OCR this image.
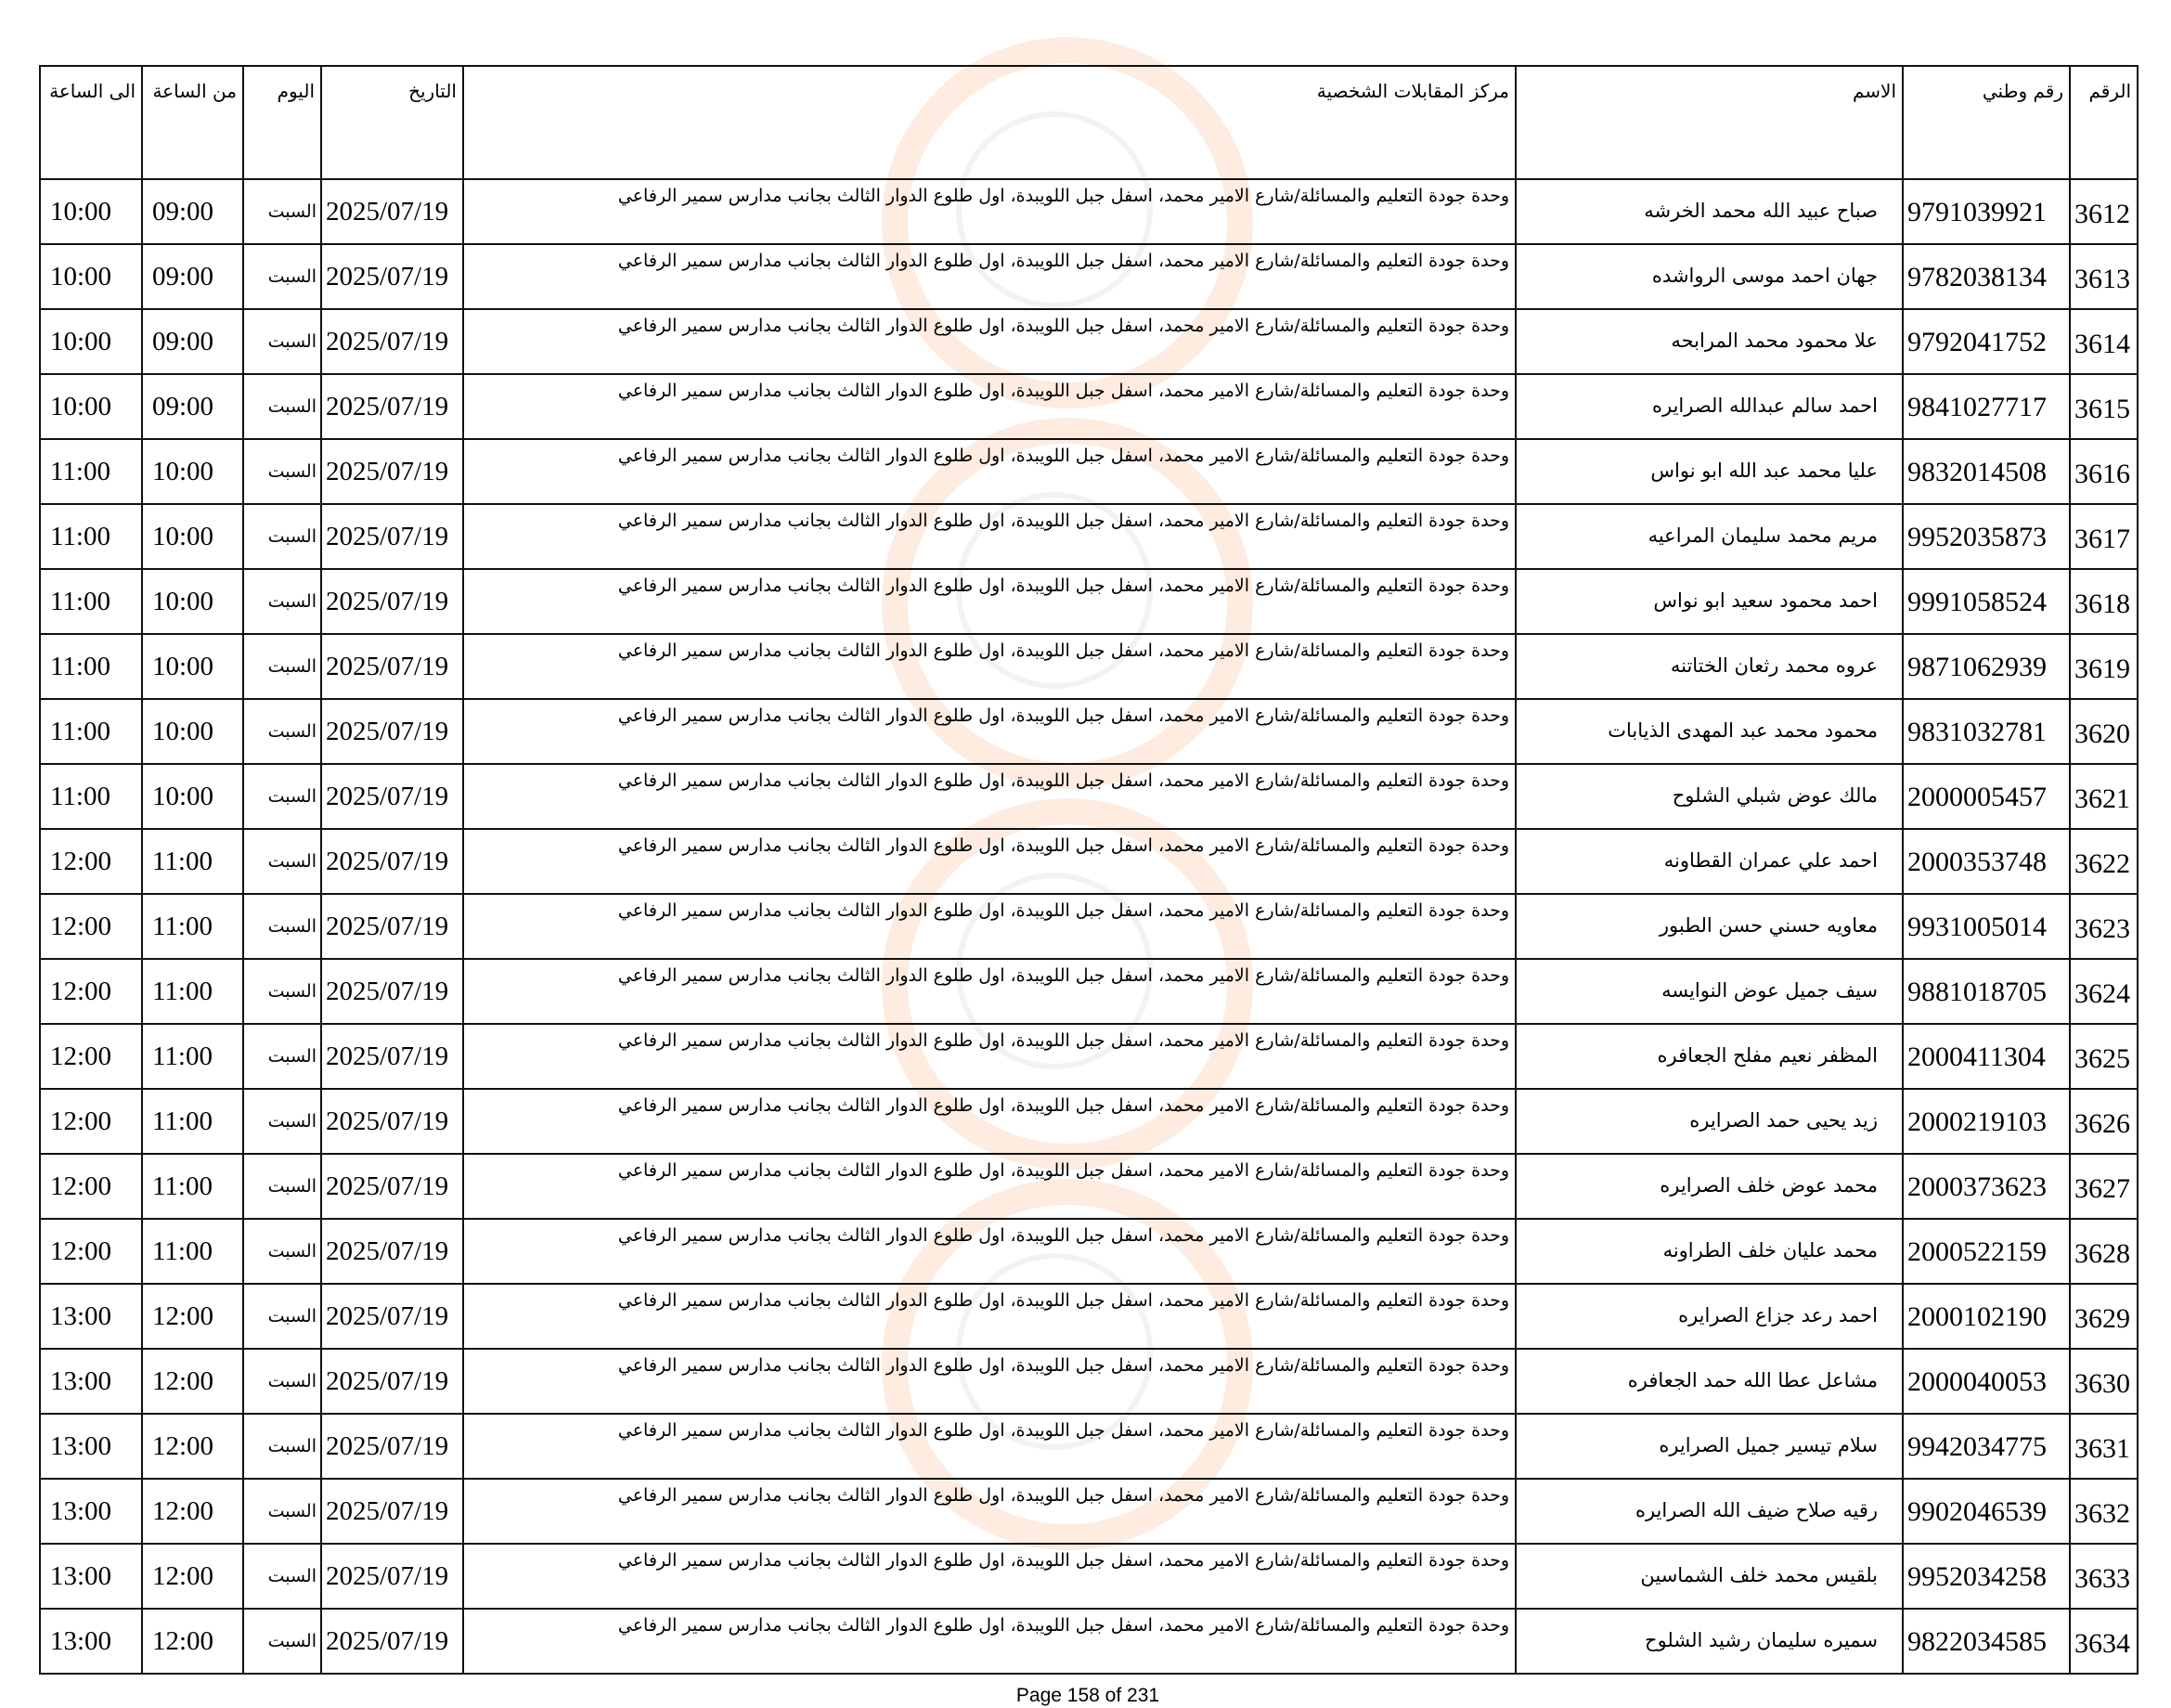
الرقم	رقم وطني	الاسم	مركز المقابلات الشخصية	التاريخ	اليوم	من الساعة	الى الساعة
3612	9791039921	صباح عبيد الله محمد الخرشه	وحدة جودة التعليم والمسائلة/شارع الامير محمد، اسفل جبل اللويبدة، اول طلوع الدوار الثالث بجانب مدارس سمير الرفاعي	2025/07/19	السبت	09:00	10:00
3613	9782038134	جهان احمد موسى الرواشده	وحدة جودة التعليم والمسائلة/شارع الامير محمد، اسفل جبل اللويبدة، اول طلوع الدوار الثالث بجانب مدارس سمير الرفاعي	2025/07/19	السبت	09:00	10:00
3614	9792041752	علا محمود محمد المرابحه	وحدة جودة التعليم والمسائلة/شارع الامير محمد، اسفل جبل اللويبدة، اول طلوع الدوار الثالث بجانب مدارس سمير الرفاعي	2025/07/19	السبت	09:00	10:00
3615	9841027717	احمد سالم عبدالله الصرايره	وحدة جودة التعليم والمسائلة/شارع الامير محمد، اسفل جبل اللويبدة، اول طلوع الدوار الثالث بجانب مدارس سمير الرفاعي	2025/07/19	السبت	09:00	10:00
3616	9832014508	عليا محمد عبد الله ابو نواس	وحدة جودة التعليم والمسائلة/شارع الامير محمد، اسفل جبل اللويبدة، اول طلوع الدوار الثالث بجانب مدارس سمير الرفاعي	2025/07/19	السبت	10:00	11:00
3617	9952035873	مريم محمد سليمان المراعيه	وحدة جودة التعليم والمسائلة/شارع الامير محمد، اسفل جبل اللويبدة، اول طلوع الدوار الثالث بجانب مدارس سمير الرفاعي	2025/07/19	السبت	10:00	11:00
3618	9991058524	احمد محمود سعيد ابو نواس	وحدة جودة التعليم والمسائلة/شارع الامير محمد، اسفل جبل اللويبدة، اول طلوع الدوار الثالث بجانب مدارس سمير الرفاعي	2025/07/19	السبت	10:00	11:00
3619	9871062939	عروه محمد رثعان الختاتنه	وحدة جودة التعليم والمسائلة/شارع الامير محمد، اسفل جبل اللويبدة، اول طلوع الدوار الثالث بجانب مدارس سمير الرفاعي	2025/07/19	السبت	10:00	11:00
3620	9831032781	محمود محمد عبد المهدى الذيابات	وحدة جودة التعليم والمسائلة/شارع الامير محمد، اسفل جبل اللويبدة، اول طلوع الدوار الثالث بجانب مدارس سمير الرفاعي	2025/07/19	السبت	10:00	11:00
3621	2000005457	مالك عوض شبلي الشلوح	وحدة جودة التعليم والمسائلة/شارع الامير محمد، اسفل جبل اللويبدة، اول طلوع الدوار الثالث بجانب مدارس سمير الرفاعي	2025/07/19	السبت	10:00	11:00
3622	2000353748	احمد علي عمران القطاونه	وحدة جودة التعليم والمسائلة/شارع الامير محمد، اسفل جبل اللويبدة، اول طلوع الدوار الثالث بجانب مدارس سمير الرفاعي	2025/07/19	السبت	11:00	12:00
3623	9931005014	معاويه حسني حسن الطبور	وحدة جودة التعليم والمسائلة/شارع الامير محمد، اسفل جبل اللويبدة، اول طلوع الدوار الثالث بجانب مدارس سمير الرفاعي	2025/07/19	السبت	11:00	12:00
3624	9881018705	سيف جميل عوض النوايسه	وحدة جودة التعليم والمسائلة/شارع الامير محمد، اسفل جبل اللويبدة، اول طلوع الدوار الثالث بجانب مدارس سمير الرفاعي	2025/07/19	السبت	11:00	12:00
3625	2000411304	المظفر نعيم مفلح الجعافره	وحدة جودة التعليم والمسائلة/شارع الامير محمد، اسفل جبل اللويبدة، اول طلوع الدوار الثالث بجانب مدارس سمير الرفاعي	2025/07/19	السبت	11:00	12:00
3626	2000219103	زيد يحيى حمد الصرايره	وحدة جودة التعليم والمسائلة/شارع الامير محمد، اسفل جبل اللويبدة، اول طلوع الدوار الثالث بجانب مدارس سمير الرفاعي	2025/07/19	السبت	11:00	12:00
3627	2000373623	محمد عوض خلف الصرايره	وحدة جودة التعليم والمسائلة/شارع الامير محمد، اسفل جبل اللويبدة، اول طلوع الدوار الثالث بجانب مدارس سمير الرفاعي	2025/07/19	السبت	11:00	12:00
3628	2000522159	محمد عليان خلف الطراونه	وحدة جودة التعليم والمسائلة/شارع الامير محمد، اسفل جبل اللويبدة، اول طلوع الدوار الثالث بجانب مدارس سمير الرفاعي	2025/07/19	السبت	11:00	12:00
3629	2000102190	احمد رعد جزاع الصرايره	وحدة جودة التعليم والمسائلة/شارع الامير محمد، اسفل جبل اللويبدة، اول طلوع الدوار الثالث بجانب مدارس سمير الرفاعي	2025/07/19	السبت	12:00	13:00
3630	2000040053	مشاعل عطا الله حمد الجعافره	وحدة جودة التعليم والمسائلة/شارع الامير محمد، اسفل جبل اللويبدة، اول طلوع الدوار الثالث بجانب مدارس سمير الرفاعي	2025/07/19	السبت	12:00	13:00
3631	9942034775	سلام تيسير جميل الصرايره	وحدة جودة التعليم والمسائلة/شارع الامير محمد، اسفل جبل اللويبدة، اول طلوع الدوار الثالث بجانب مدارس سمير الرفاعي	2025/07/19	السبت	12:00	13:00
3632	9902046539	رقيه صلاح ضيف الله الصرايره	وحدة جودة التعليم والمسائلة/شارع الامير محمد، اسفل جبل اللويبدة، اول طلوع الدوار الثالث بجانب مدارس سمير الرفاعي	2025/07/19	السبت	12:00	13:00
3633	9952034258	بلقيس محمد خلف الشماسين	وحدة جودة التعليم والمسائلة/شارع الامير محمد، اسفل جبل اللويبدة، اول طلوع الدوار الثالث بجانب مدارس سمير الرفاعي	2025/07/19	السبت	12:00	13:00
3634	9822034585	سميره سليمان رشيد الشلوح	وحدة جودة التعليم والمسائلة/شارع الامير محمد، اسفل جبل اللويبدة، اول طلوع الدوار الثالث بجانب مدارس سمير الرفاعي	2025/07/19	السبت	12:00	13:00
Page 158 of 231
